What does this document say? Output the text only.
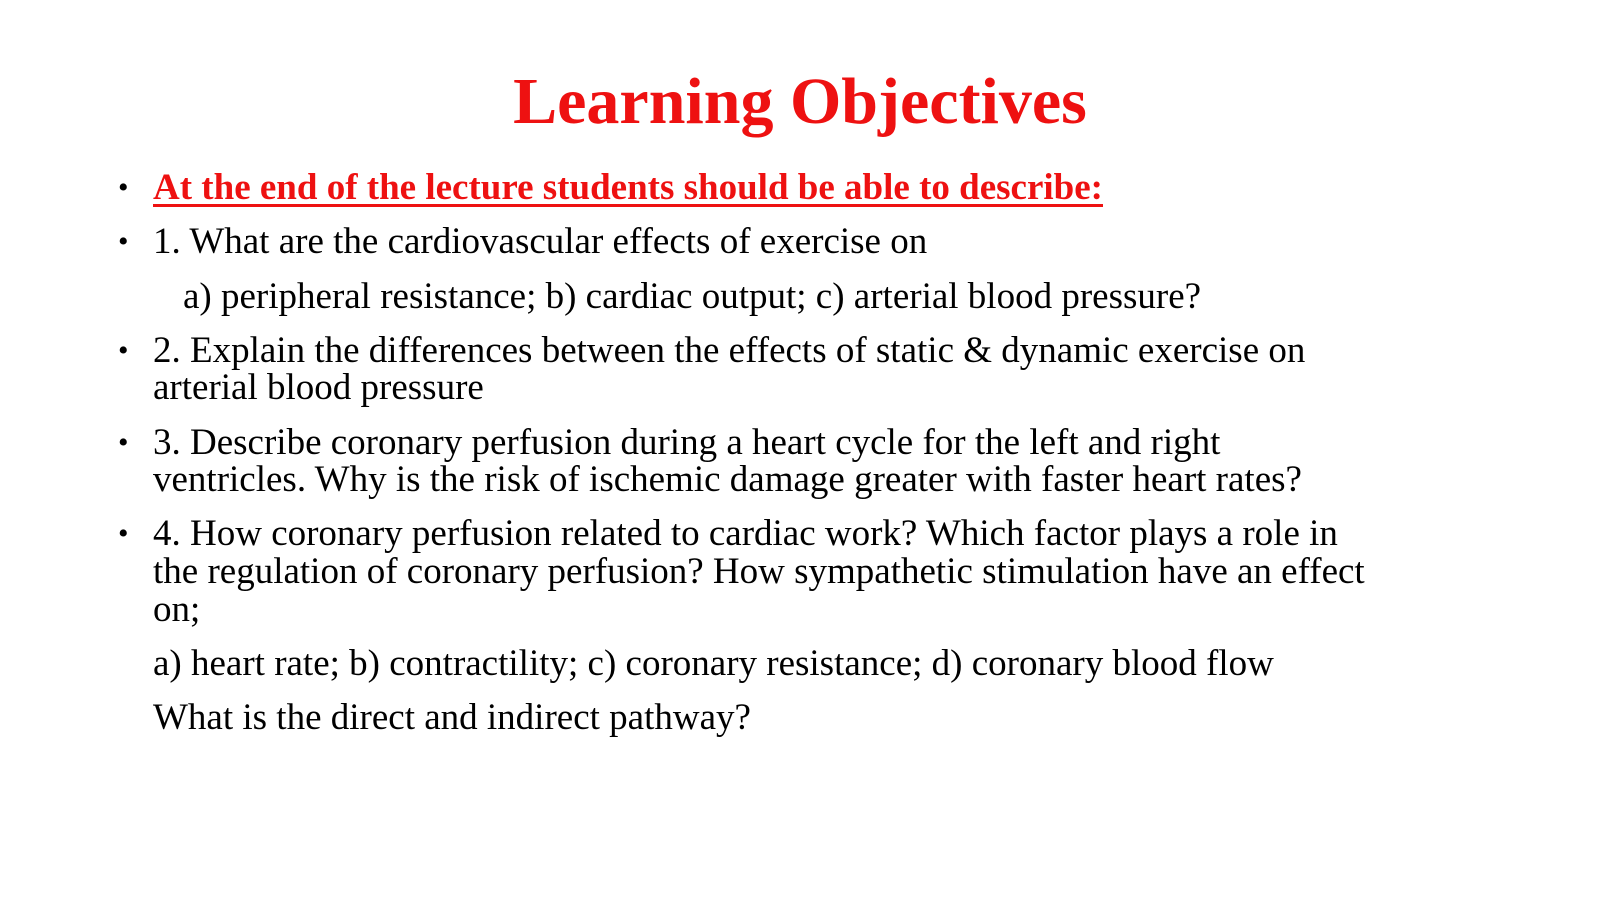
Learning Objectives
• At the end of the lecture students should be able to describe:
• 1. What are the cardiovascular effects of exercise on
a) peripheral resistance; b) cardiac output; c) arterial blood pressure?
• 2. Explain the differences between the effects of static & dynamic exercise on
arterial blood pressure
• 3. Describe coronary perfusion during a heart cycle for the left and right
ventricles. Why is the risk of ischemic damage greater with faster heart rates?
• 4. How coronary perfusion related to cardiac work? Which factor plays a role in
the regulation of coronary perfusion? How sympathetic stimulation have an effect
on;
a) heart rate; b) contractility; c) coronary resistance; d) coronary blood flow
What is the direct and indirect pathway?
